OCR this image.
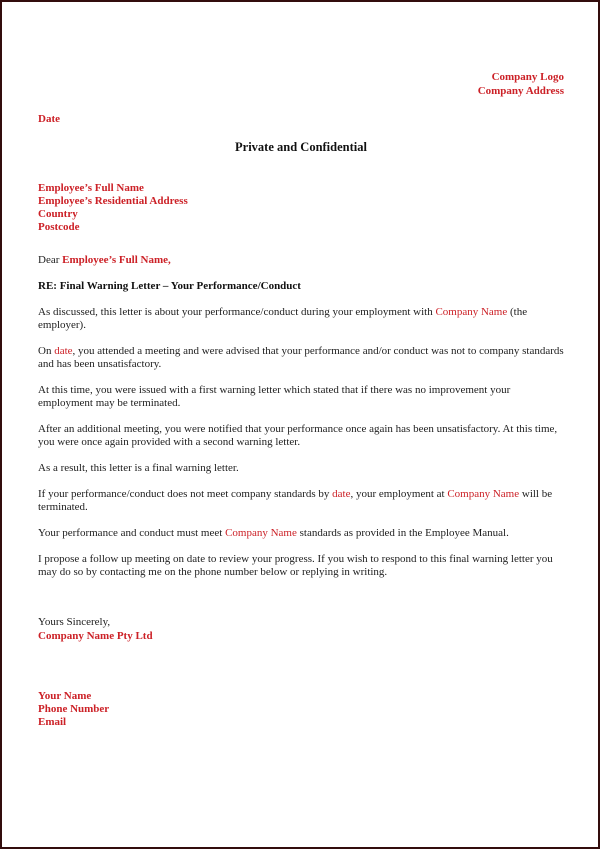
Company Logo
Company Address
Date
Private and Confidential
Employee’s Full Name
Employee’s Residential Address
Country
Postcode
Dear Employee’s Full Name,
RE: Final Warning Letter – Your Performance/Conduct

As discussed, this letter is about your performance/conduct during your employment with Company Name (the employer).

On date, you attended a meeting and were advised that your performance and/or conduct was not to company standards and has been unsatisfactory.

At this time, you were issued with a first warning letter which stated that if there was no improvement your employment may be terminated.

After an additional meeting, you were notified that your performance once again has been unsatisfactory. At this time, you were once again provided with a second warning letter.

As a result, this letter is a final warning letter.

If your performance/conduct does not meet company standards by date, your employment at Company Name will be terminated.

Your performance and conduct must meet Company Name standards as provided in the Employee Manual.

I propose a follow up meeting on date to review your progress. If you wish to respond to this final warning letter you may do so by contacting me on the phone number below or replying in writing.

Yours Sincerely,
Company Name Pty Ltd
Your Name
Phone Number
Email
